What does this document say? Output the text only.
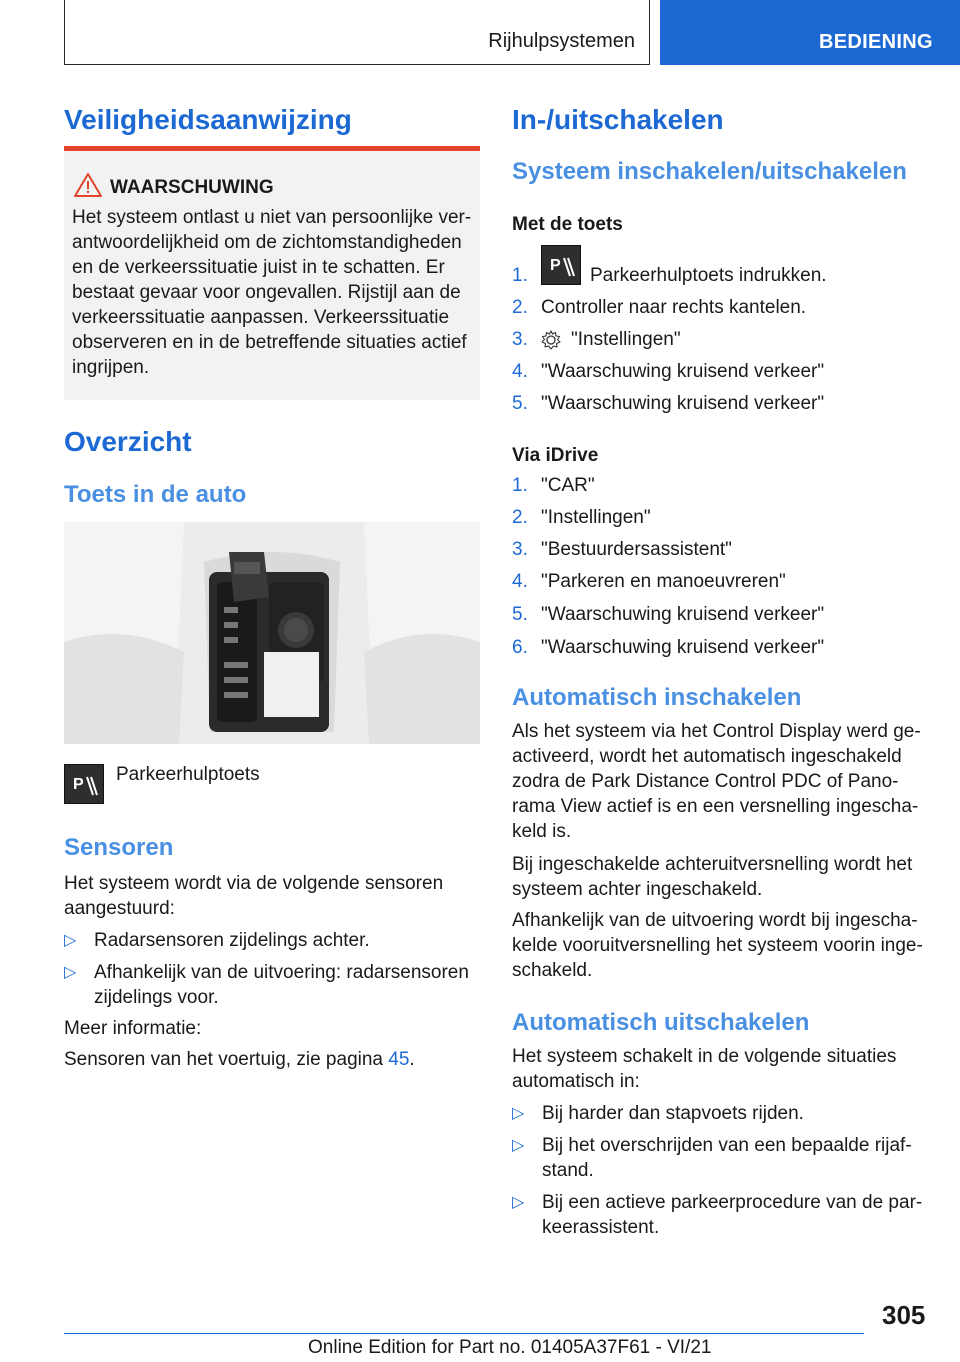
Rijhulpsystemen	BEDIENING
Veiligheidsaanwijzing
WAARSCHUWING
Het systeem ontlast u niet van persoonlijke ver-
antwoordelijkheid om de zichtomstandigheden
en de verkeerssituatie juist in te schatten. Er
bestaat gevaar voor ongevallen. Rijstijl aan de
verkeerssituatie aanpassen. Verkeerssituatie
observeren en in de betreffende situaties actief
ingrijpen.
Overzicht
Toets in de auto
P Parkeerhulptoets
Sensoren
Het systeem wordt via de volgende sensoren
aangestuurd:
▷ Radarsensoren zijdelings achter.
▷ Afhankelijk van de uitvoering: radarsensoren
zijdelings voor.
Meer informatie:
Sensoren van het voertuig, zie pagina 45.
In-/uitschakelen
Systeem inschakelen/uitschakelen
Met de toets
1. P Parkeerhulptoets indrukken.
2. Controller naar rechts kantelen.
3. "Instellingen"
4. "Waarschuwing kruisend verkeer"
5. "Waarschuwing kruisend verkeer"
Via iDrive
1. "CAR"
2. "Instellingen"
3. "Bestuurdersassistent"
4. "Parkeren en manoeuvreren"
5. "Waarschuwing kruisend verkeer"
6. "Waarschuwing kruisend verkeer"
Automatisch inschakelen
Als het systeem via het Control Display werd ge-
activeerd, wordt het automatisch ingeschakeld
zodra de Park Distance Control PDC of Pano-
rama View actief is en een versnelling ingescha-
keld is.
Bij ingeschakelde achteruitversnelling wordt het
systeem achter ingeschakeld.
Afhankelijk van de uitvoering wordt bij ingescha-
kelde vooruitversnelling het systeem voorin inge-
schakeld.
Automatisch uitschakelen
Het systeem schakelt in de volgende situaties
automatisch in:
▷ Bij harder dan stapvoets rijden.
▷ Bij het overschrijden van een bepaalde rijaf-
stand.
▷ Bij een actieve parkeerprocedure van de par-
keerassistent.
305
Online Edition for Part no. 01405A37F61 - VI/21
